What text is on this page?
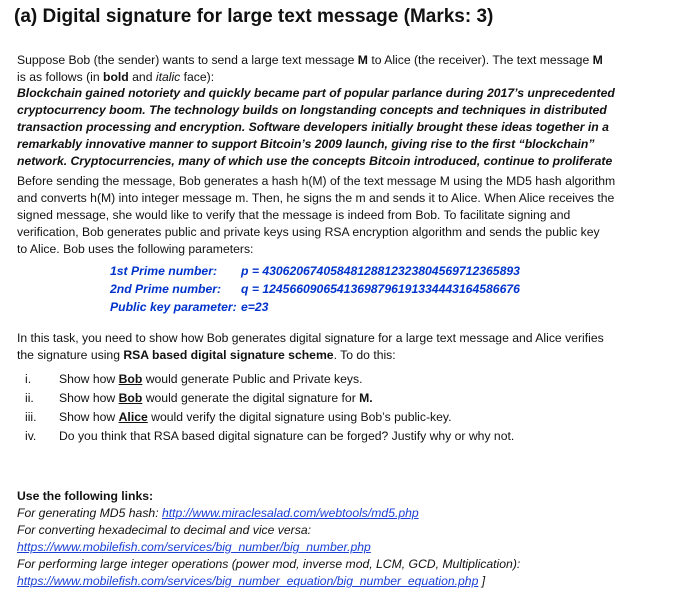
(a) Digital signature for large text message (Marks: 3)
Suppose Bob (the sender) wants to send a large text message M to Alice (the receiver). The text message M
is as follows (in bold and italic face):
Blockchain gained notoriety and quickly became part of popular parlance during 2017’s unprecedented
cryptocurrency boom. The technology builds on longstanding concepts and techniques in distributed
transaction processing and encryption. Software developers initially brought these ideas together in a
remarkably innovative manner to support Bitcoin’s 2009 launch, giving rise to the first “blockchain”
network. Cryptocurrencies, many of which use the concepts Bitcoin introduced, continue to proliferate
Before sending the message, Bob generates a hash h(M) of the text message M using the MD5 hash algorithm
and converts h(M) into integer message m. Then, he signs the m and sends it to Alice. When Alice receives the
signed message, she would like to verify that the message is indeed from Bob. To facilitate signing and
verification, Bob generates public and private keys using RSA encryption algorithm and sends the public key
to Alice. Bob uses the following parameters:
1st Prime number:	p = 43062067405848128812323804569712365893
2nd Prime number:	q = 12456609065413698796191334443164586676
Public key parameter: e=23
In this task, you need to show how Bob generates digital signature for a large text message and Alice verifies
the signature using RSA based digital signature scheme. To do this:
i.	Show how Bob would generate Public and Private keys.
ii.	Show how Bob would generate the digital signature for M.
iii.	Show how Alice would verify the digital signature using Bob’s public-key.
iv.	Do you think that RSA based digital signature can be forged? Justify why or why not.
Use the following links:
For generating MD5 hash: http://www.miraclesalad.com/webtools/md5.php
For converting hexadecimal to decimal and vice versa:
https://www.mobilefish.com/services/big_number/big_number.php
For performing large integer operations (power mod, inverse mod, LCM, GCD, Multiplication):
https://www.mobilefish.com/services/big_number_equation/big_number_equation.php ]
